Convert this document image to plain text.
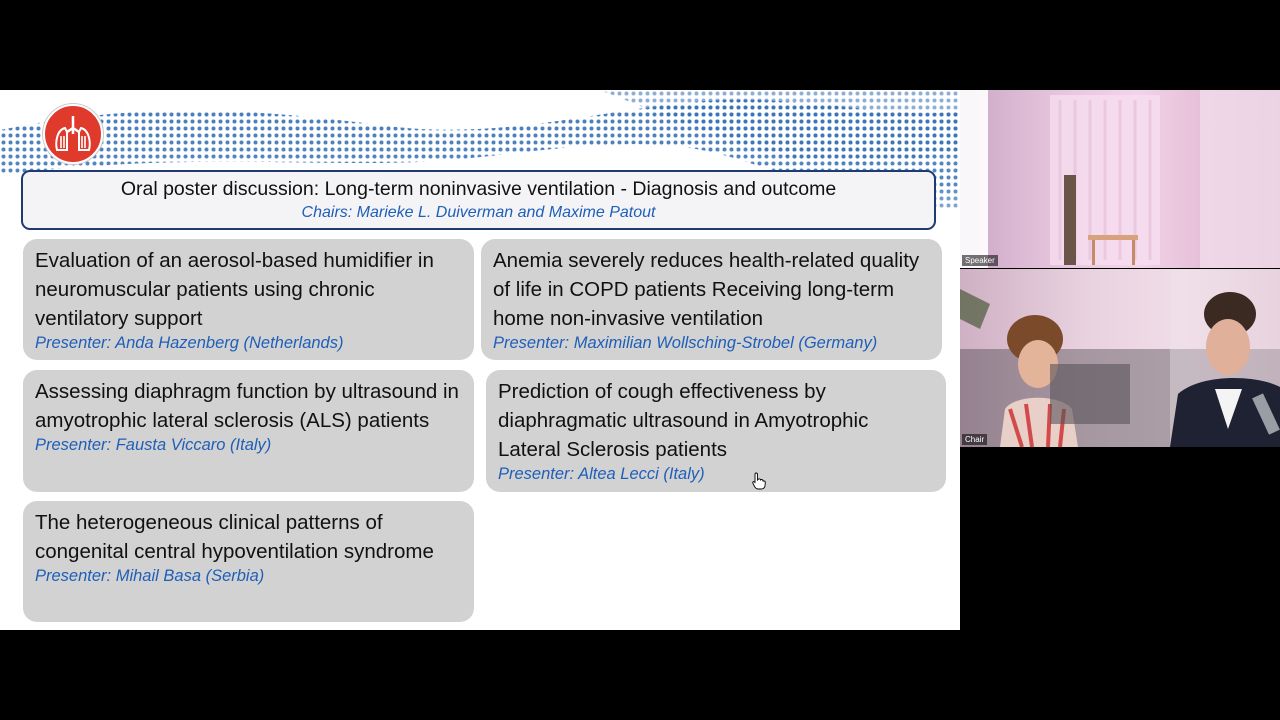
Oral poster discussion: Long-term noninvasive ventilation - Diagnosis and outcome
Chairs: Marieke L. Duiverman and Maxime Patout
Evaluation of an aerosol-based humidifier in neuromuscular patients using chronic ventilatory support
Presenter: Anda Hazenberg (Netherlands)
Anemia severely reduces health-related quality of life in COPD patients Receiving long-term home non-invasive ventilation
Presenter: Maximilian Wollsching-Strobel (Germany)
Assessing diaphragm function by ultrasound in amyotrophic lateral sclerosis (ALS) patients
Presenter: Fausta Viccaro (Italy)
Prediction of cough effectiveness by diaphragmatic ultrasound in Amyotrophic Lateral Sclerosis patients
Presenter: Altea Lecci (Italy)
The heterogeneous clinical patterns of congenital central hypoventilation syndrome
Presenter: Mihail Basa (Serbia)
Speaker
Chair
